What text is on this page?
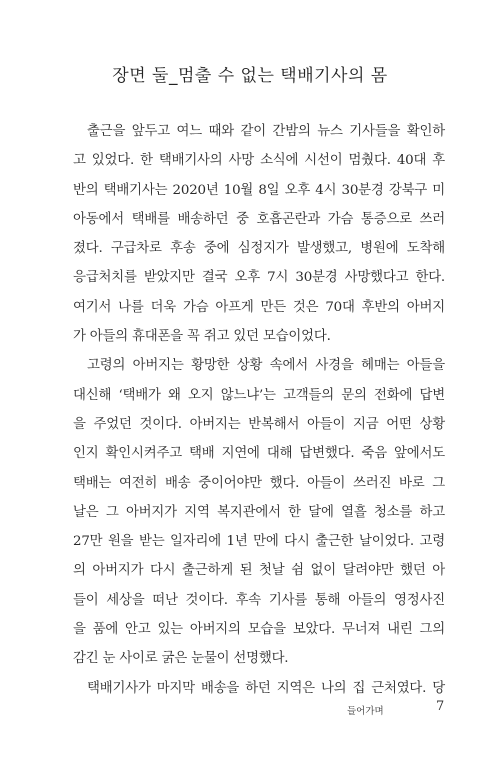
장면 둘_멈출 수 없는 택배기사의 몸
출근을 앞두고 여느 때와 같이 간밤의 뉴스 기사들을 확인하
고 있었다. 한 택배기사의 사망 소식에 시선이 멈췄다. 40대 후
반의 택배기사는 2020년 10월 8일 오후 4시 30분경 강북구 미
아동에서 택배를 배송하던 중 호흡곤란과 가슴 통증으로 쓰러
졌다. 구급차로 후송 중에 심정지가 발생했고, 병원에 도착해
응급처치를 받았지만 결국 오후 7시 30분경 사망했다고 한다.
여기서 나를 더욱 가슴 아프게 만든 것은 70대 후반의 아버지
가 아들의 휴대폰을 꼭 쥐고 있던 모습이었다.
고령의 아버지는 황망한 상황 속에서 사경을 헤매는 아들을
대신해 ‘택배가 왜 오지 않느냐’는 고객들의 문의 전화에 답변
을 주었던 것이다. 아버지는 반복해서 아들이 지금 어떤 상황
인지 확인시켜주고 택배 지연에 대해 답변했다. 죽음 앞에서도
택배는 여전히 배송 중이어야만 했다. 아들이 쓰러진 바로 그
날은 그 아버지가 지역 복지관에서 한 달에 열흘 청소를 하고
27만 원을 받는 일자리에 1년 만에 다시 출근한 날이었다. 고령
의 아버지가 다시 출근하게 된 첫날 쉼 없이 달려야만 했던 아
들이 세상을 떠난 것이다. 후속 기사를 통해 아들의 영정사진
을 품에 안고 있는 아버지의 모습을 보았다. 무너져 내린 그의
감긴 눈 사이로 굵은 눈물이 선명했다.
택배기사가 마지막 배송을 하던 지역은 나의 집 근처였다. 당
들어가며	7
